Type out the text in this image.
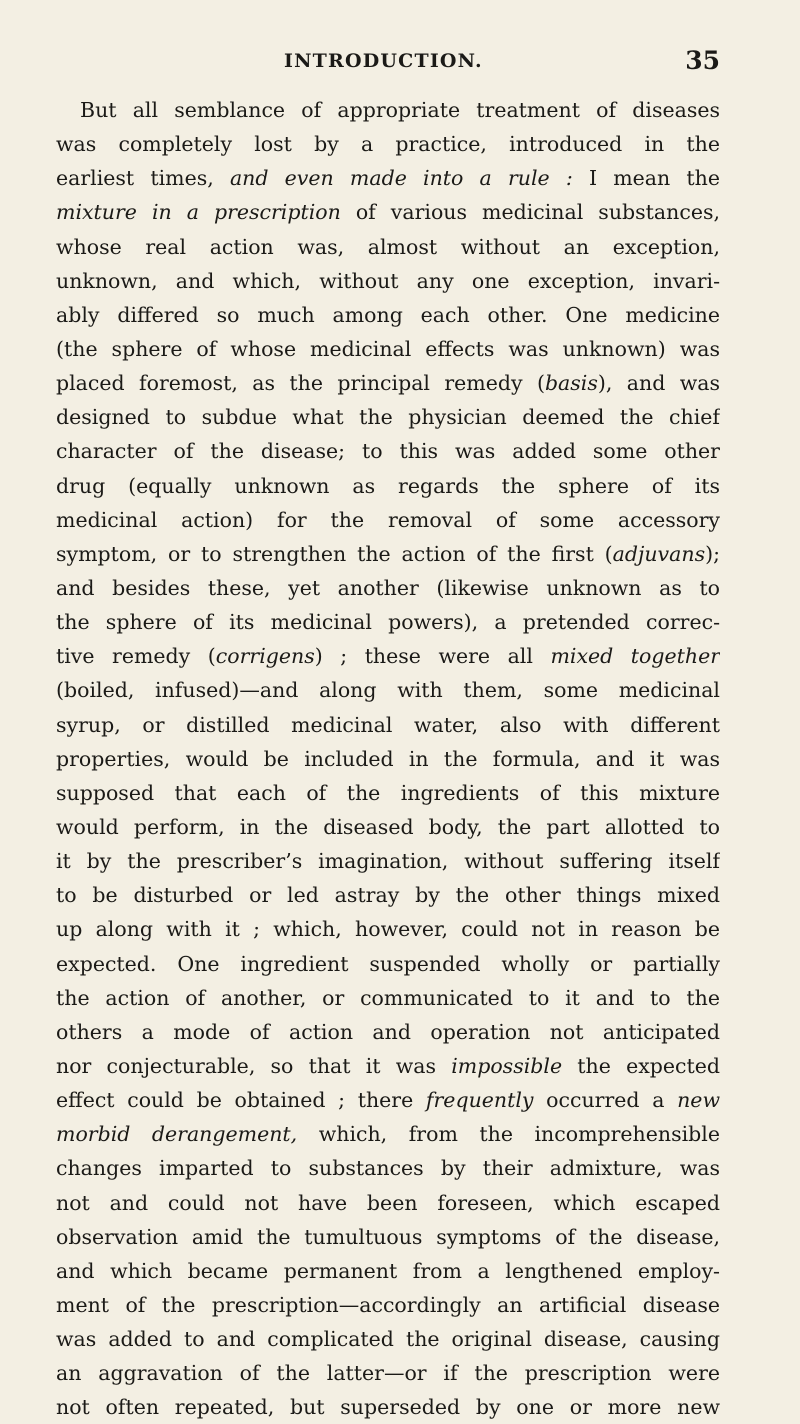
INTRODUCTION.	35
But all semblance of appropriate treatment of diseases
was completely lost by a practice, introduced in the
earliest times, and even made into a rule : I mean the
mixture in a prescription of various medicinal substances,
whose real action was, almost without an exception,
unknown, and which, without any one exception, invari-
ably differed so much among each other. One medicine
(the sphere of whose medicinal effects was unknown) was
placed foremost, as the principal remedy (basis), and was
designed to subdue what the physician deemed the chief
character of the disease; to this was added some other
drug (equally unknown as regards the sphere of its
medicinal action) for the removal of some accessory
symptom, or to strengthen the action of the first (adjuvans);
and besides these, yet another (likewise unknown as to
the sphere of its medicinal powers), a pretended correc-
tive remedy (corrigens) ; these were all mixed together
(boiled, infused)—and along with them, some medicinal
syrup, or distilled medicinal water, also with different
properties, would be included in the formula, and it was
supposed that each of the ingredients of this mixture
would perform, in the diseased body, the part allotted to
it by the prescriber’s imagination, without suffering itself
to be disturbed or led astray by the other things mixed
up along with it ; which, however, could not in reason be
expected. One ingredient suspended wholly or partially
the action of another, or communicated to it and to the
others a mode of action and operation not anticipated
nor conjecturable, so that it was impossible the expected
effect could be obtained ; there frequently occurred a new
morbid derangement, which, from the incomprehensible
changes imparted to substances by their admixture, was
not and could not have been foreseen, which escaped
observation amid the tumultuous symptoms of the disease,
and which became permanent from a lengthened employ-
ment of the prescription—accordingly an artificial disease
was added to and complicated the original disease, causing
an aggravation of the latter—or if the prescription were
not often repeated, but superseded by one or more new
